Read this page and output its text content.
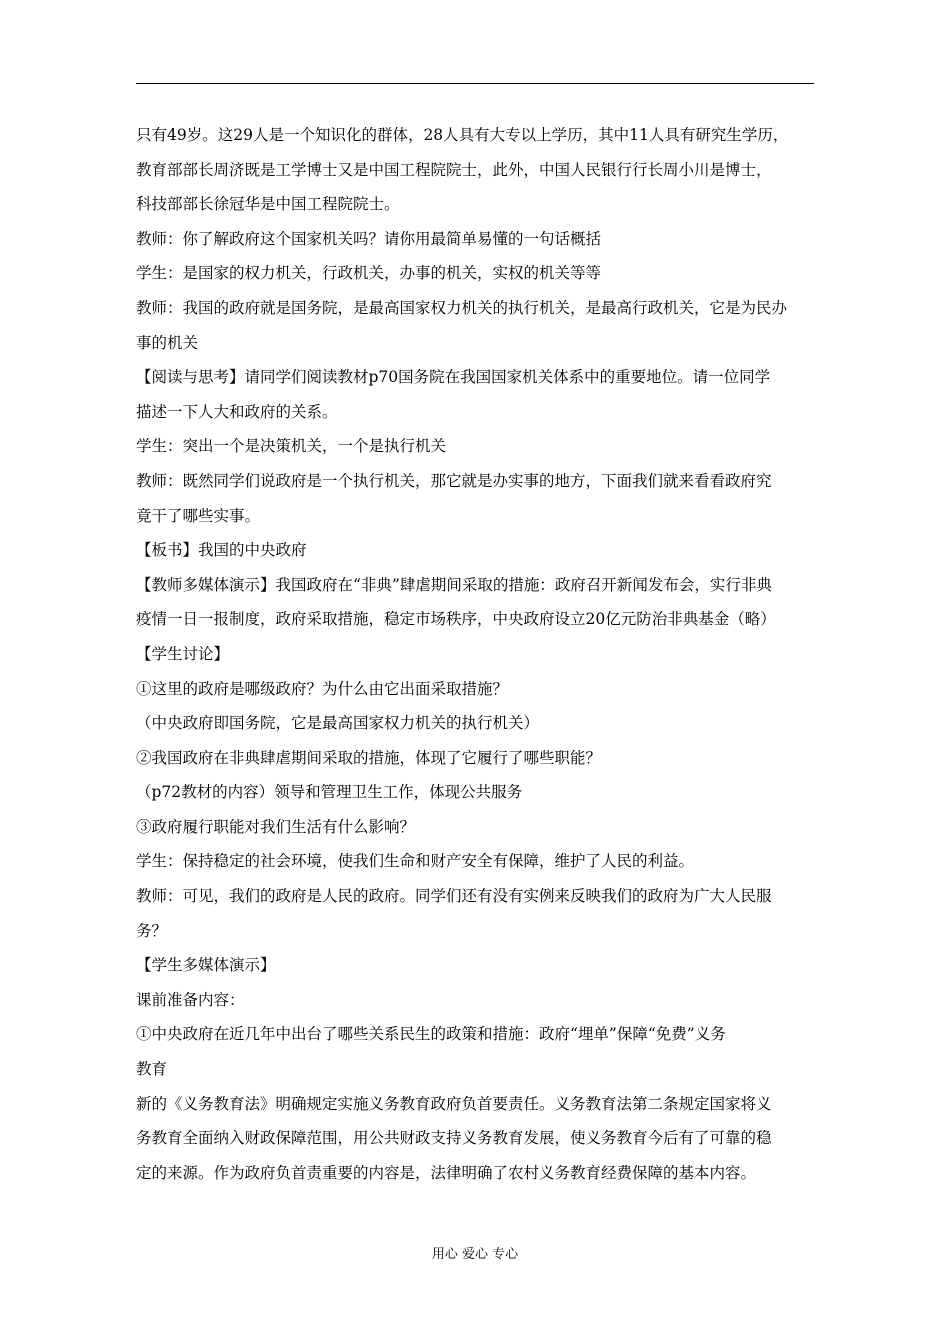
只有49岁。这29人是一个知识化的群体，28人具有大专以上学历，其中11人具有研究生学历，
教育部部长周济既是工学博士又是中国工程院院士，此外，中国人民银行行长周小川是博士，
科技部部长徐冠华是中国工程院院士。
教师：你了解政府这个国家机关吗？请你用最简单易懂的一句话概括
学生：是国家的权力机关，行政机关，办事的机关，实权的机关等等
教师：我国的政府就是国务院，是最高国家权力机关的执行机关，是最高行政机关，它是为民办
事的机关
【阅读与思考】请同学们阅读教材p70国务院在我国国家机关体系中的重要地位。请一位同学
描述一下人大和政府的关系。
学生：突出一个是决策机关，一个是执行机关
教师：既然同学们说政府是一个执行机关，那它就是办实事的地方，下面我们就来看看政府究
竟干了哪些实事。
【板书】我国的中央政府
【教师多媒体演示】我国政府在“非典”肆虐期间采取的措施：政府召开新闻发布会，实行非典
疫情一日一报制度，政府采取措施，稳定市场秩序，中央政府设立20亿元防治非典基金（略）
【学生讨论】
①这里的政府是哪级政府？为什么由它出面采取措施？
（中央政府即国务院，它是最高国家权力机关的执行机关）
②我国政府在非典肆虐期间采取的措施，体现了它履行了哪些职能？
（p72教材的内容）领导和管理卫生工作，体现公共服务
③政府履行职能对我们生活有什么影响？
学生：保持稳定的社会环境，使我们生命和财产安全有保障，维护了人民的利益。
教师：可见，我们的政府是人民的政府。同学们还有没有实例来反映我们的政府为广大人民服
务？
【学生多媒体演示】
课前准备内容：
①中央政府在近几年中出台了哪些关系民生的政策和措施：政府“埋单”保障“免费”义务
教育
新的《义务教育法》明确规定实施义务教育政府负首要责任。义务教育法第二条规定国家将义
务教育全面纳入财政保障范围，用公共财政支持义务教育发展，使义务教育今后有了可靠的稳
定的来源。作为政府负首责重要的内容是，法律明确了农村义务教育经费保障的基本内容。
用心 爱心 专心
